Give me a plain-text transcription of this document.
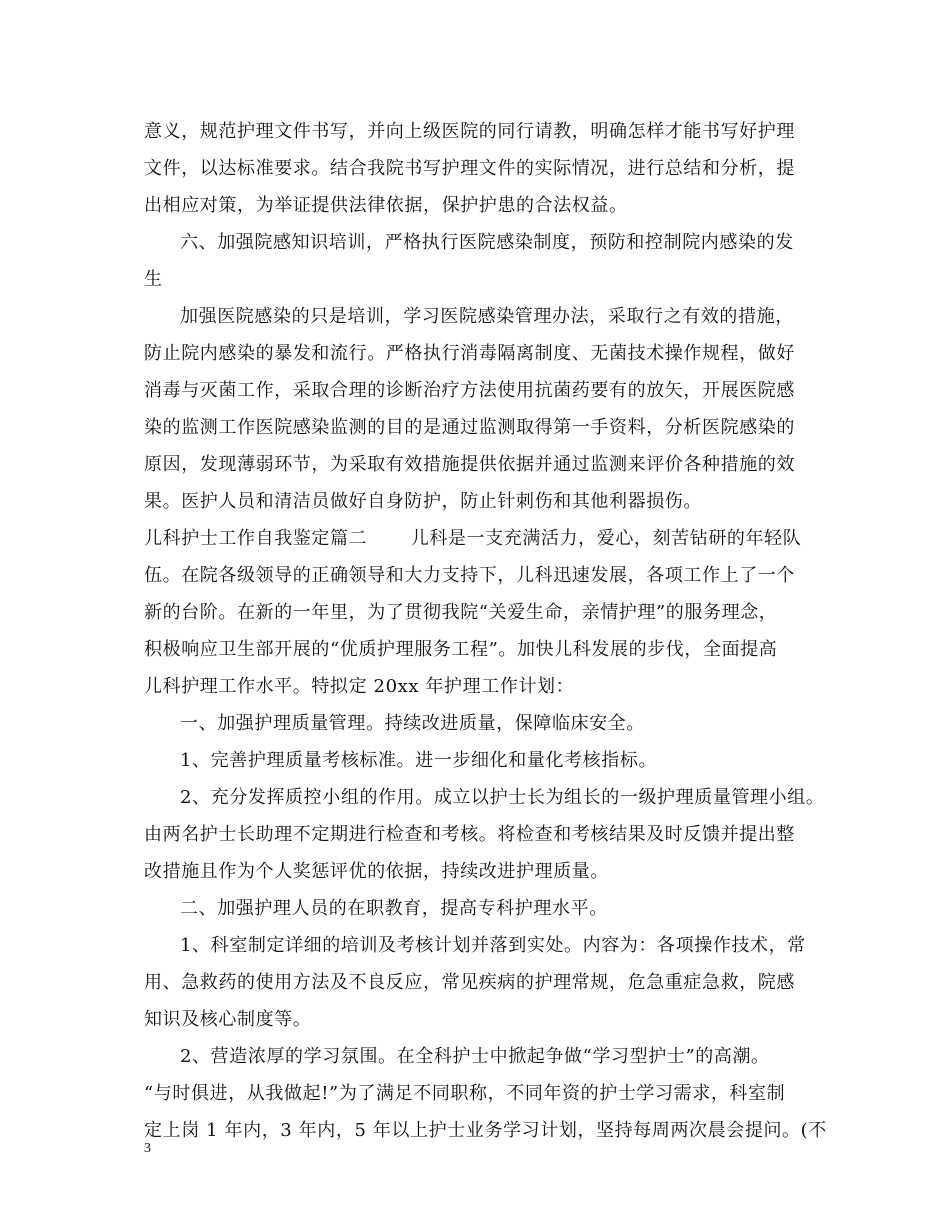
意义，规范护理文件书写，并向上级医院的同行请教，明确怎样才能书写好护理
文件，以达标准要求。结合我院书写护理文件的实际情况，进行总结和分析，提
出相应对策，为举证提供法律依据，保护护患的合法权益。
六、加强院感知识培训，严格执行医院感染制度，预防和控制院内感染的发
生
加强医院感染的只是培训，学习医院感染管理办法，采取行之有效的措施，
防止院内感染的暴发和流行。严格执行消毒隔离制度、无菌技术操作规程，做好
消毒与灭菌工作，采取合理的诊断治疗方法使用抗菌药要有的放矢，开展医院感
染的监测工作医院感染监测的目的是通过监测取得第一手资料，分析医院感染的
原因，发现薄弱环节，为采取有效措施提供依据并通过监测来评价各种措施的效
果。医护人员和清洁员做好自身防护，防止针刺伤和其他利器损伤。
儿科护士工作自我鉴定篇二　　 儿科是一支充满活力，爱心，刻苦钻研的年轻队
伍。在院各级领导的正确领导和大力支持下，儿科迅速发展，各项工作上了一个
新的台阶。在新的一年里，为了贯彻我院“关爱生命，亲情护理”的服务理念，
积极响应卫生部开展的“优质护理服务工程”。加快儿科发展的步伐，全面提高
儿科护理工作水平。特拟定 20xx 年护理工作计划：
一、加强护理质量管理。持续改进质量，保障临床安全。
1、完善护理质量考核标准。进一步细化和量化考核指标。
2、充分发挥质控小组的作用。成立以护士长为组长的一级护理质量管理小组。
由两名护士长助理不定期进行检查和考核。将检查和考核结果及时反馈并提出整
改措施且作为个人奖惩评优的依据，持续改进护理质量。
二、加强护理人员的在职教育，提高专科护理水平。
1、科室制定详细的培训及考核计划并落到实处。内容为：各项操作技术，常
用、急救药的使用方法及不良反应，常见疾病的护理常规，危急重症急救，院感
知识及核心制度等。
2、营造浓厚的学习氛围。在全科护士中掀起争做“学习型护士”的高潮。
“与时俱进，从我做起!”为了满足不同职称，不同年资的护士学习需求，科室制
定上岗 1 年内，3 年内，5 年以上护士业务学习计划，坚持每周两次晨会提问。(不
3
